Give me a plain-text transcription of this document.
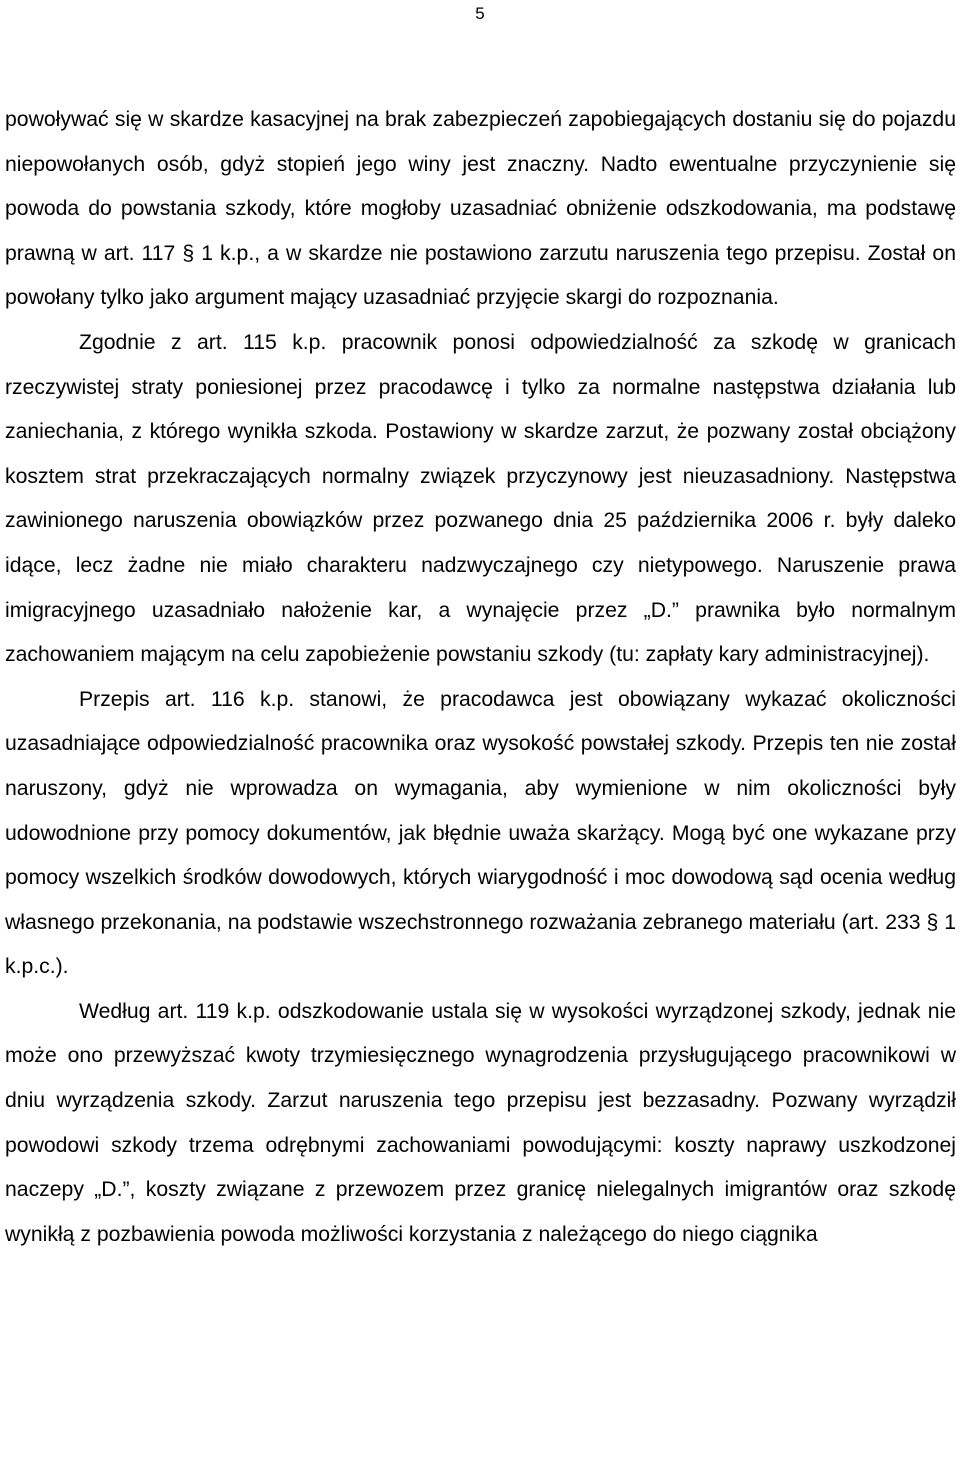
5

powoływać się w skardze kasacyjnej na brak zabezpieczeń zapobiegających dostaniu się do pojazdu niepowołanych osób, gdyż stopień jego winy jest znaczny. Nadto ewentualne przyczynienie się powoda do powstania szkody, które mogłoby uzasadniać obniżenie odszkodowania, ma podstawę prawną w art. 117 § 1 k.p., a w skardze nie postawiono zarzutu naruszenia tego przepisu. Został on powołany tylko jako argument mający uzasadniać przyjęcie skargi do rozpoznania.

Zgodnie z art. 115 k.p. pracownik ponosi odpowiedzialność za szkodę w granicach rzeczywistej straty poniesionej przez pracodawcę i tylko za normalne następstwa działania lub zaniechania, z którego wynikła szkoda. Postawiony w skardze zarzut, że pozwany został obciążony kosztem strat przekraczających normalny związek przyczynowy jest nieuzasadniony. Następstwa zawinionego naruszenia obowiązków przez pozwanego dnia 25 października 2006 r. były daleko idące, lecz żadne nie miało charakteru nadzwyczajnego czy nietypowego. Naruszenie prawa imigracyjnego uzasadniało nałożenie kar, a wynajęcie przez „D.” prawnika było normalnym zachowaniem mającym na celu zapobieżenie powstaniu szkody (tu: zapłaty kary administracyjnej).

Przepis art. 116 k.p. stanowi, że pracodawca jest obowiązany wykazać okoliczności uzasadniające odpowiedzialność pracownika oraz wysokość powstałej szkody. Przepis ten nie został naruszony, gdyż nie wprowadza on wymagania, aby wymienione w nim okoliczności były udowodnione przy pomocy dokumentów, jak błędnie uważa skarżący. Mogą być one wykazane przy pomocy wszelkich środków dowodowych, których wiarygodność i moc dowodową sąd ocenia według własnego przekonania, na podstawie wszechstronnego rozważania zebranego materiału (art. 233 § 1 k.p.c.).

Według art. 119 k.p. odszkodowanie ustala się w wysokości wyrządzonej szkody, jednak nie może ono przewyższać kwoty trzymiesięcznego wynagrodzenia przysługującego pracownikowi w dniu wyrządzenia szkody. Zarzut naruszenia tego przepisu jest bezzasadny. Pozwany wyrządził powodowi szkody trzema odrębnymi zachowaniami powodującymi: koszty naprawy uszkodzonej naczepy „D.”, koszty związane z przewozem przez granicę nielegalnych imigrantów oraz szkodę wynikłą z pozbawienia powoda możliwości korzystania z należącego do niego ciągnika
